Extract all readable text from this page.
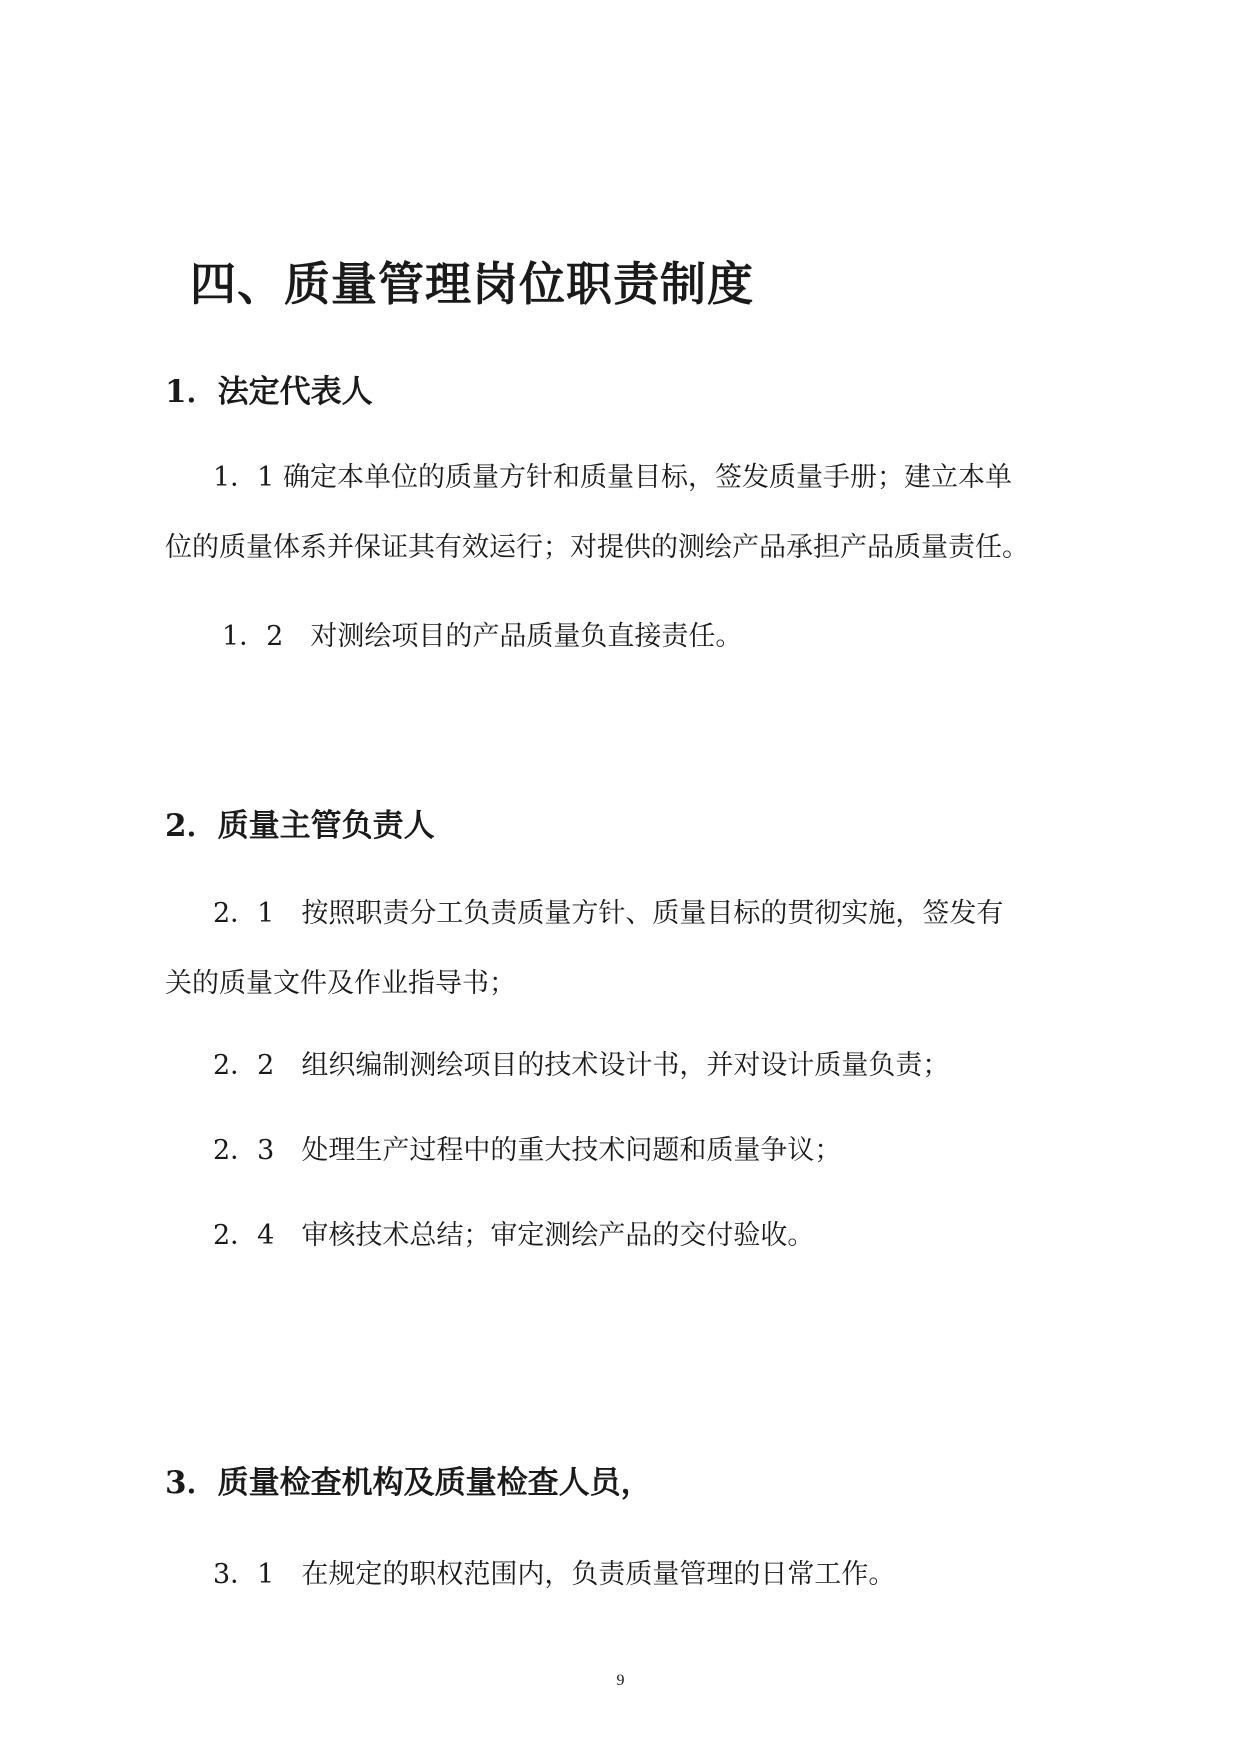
四、质量管理岗位职责制度
1．法定代表人
1．1 确定本单位的质量方针和质量目标，签发质量手册；建立本单
位的质量体系并保证其有效运行；对提供的测绘产品承担产品质量责任。
1．2　对测绘项目的产品质量负直接责任。
2．质量主管负责人
2．1　按照职责分工负责质量方针、质量目标的贯彻实施，签发有
关的质量文件及作业指导书；
2．2　组织编制测绘项目的技术设计书，并对设计质量负责；
2．3　处理生产过程中的重大技术问题和质量争议；
2．4　审核技术总结；审定测绘产品的交付验收。
3．质量检查机构及质量检查人员，
3．1　在规定的职权范围内，负责质量管理的日常工作。
9
